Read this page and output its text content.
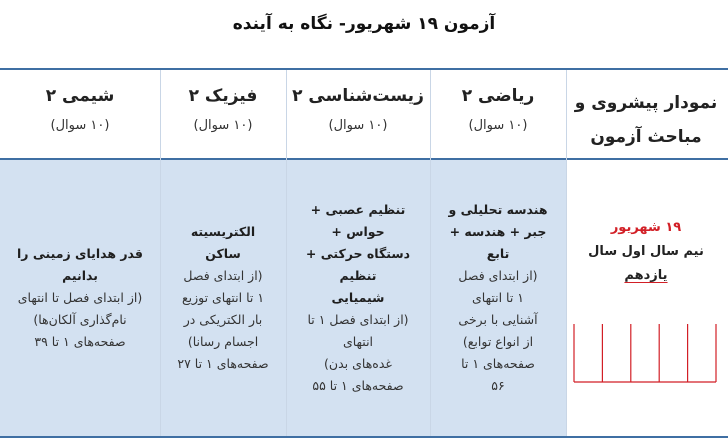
آزمون ۱۹ شهریور- نگاه به آینده
نمودار پیشروی و
مباحث آزمون
ریاضی ۲
(۱۰ سوال)
زیست‌شناسی ۲
(۱۰ سوال)
فیزیک ۲
(۱۰ سوال)
شیمی ۲
(۱۰ سوال)
هندسه تحلیلی و
جبر + هندسه +
تابع
(از ابتدای فصل
۱ تا انتهای
آشنایی با برخی
از انواع توابع)
صفحه‌های ۱ تا
۵۶
تنظیم عصبی + حواس +
دستگاه حرکتی + تنظیم
شیمیایی
(از ابتدای فصل ۱ تا انتهای
غده‌های بدن)
صفحه‌های ۱ تا ۵۵
الکتریسیته
ساکن
(از ابتدای فصل
۱ تا انتهای توزیع
بار الکتریکی در
اجسام رسانا)
صفحه‌های ۱ تا ۲۷
قدر هدایای زمینی را
بدانیم
(از ابتدای فصل تا انتهای
نام‌گذاری آلکان‌ها)
صفحه‌های ۱ تا ۳۹
۱۹ شهریور
نیم سال اول سال
یازدهم
